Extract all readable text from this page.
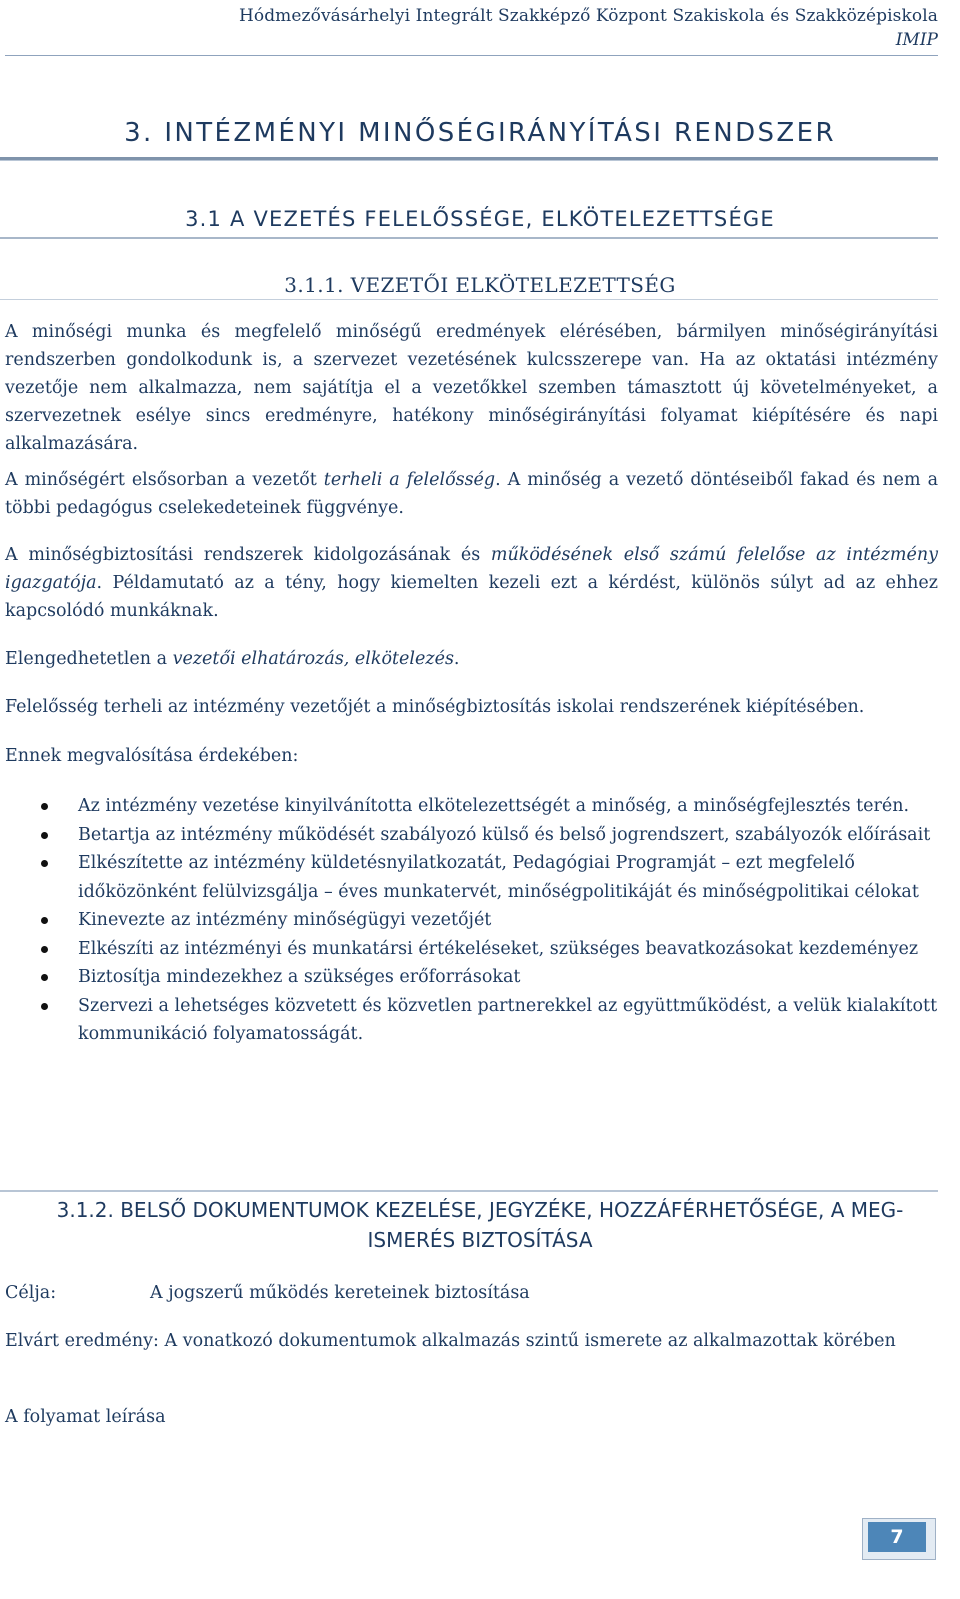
Hódmezővásárhelyi Integrált Szakképző Központ Szakiskola és Szakközépiskola
IMIP
3. INTÉZMÉNYI MINŐSÉGIRÁNYÍTÁSI RENDSZER
3.1 A VEZETÉS FELELŐSSÉGE, ELKÖTELEZETTSÉGE
3.1.1. VEZETŐI ELKÖTELEZETTSÉG

A minőségi munka és megfelelő minőségű eredmények elérésében, bármilyen minőségirányítási rendszerben gondolkodunk is, a szervezet vezetésének kulcsszerepe van. Ha az oktatási intézmény vezetője nem alkalmazza, nem sajátítja el a vezetőkkel szemben támasztott új követelményeket, a szervezetnek esélye sincs eredményre, hatékony minőségirányítási folyamat kiépítésére és napi alkalmazására.

A minőségért elsősorban a vezetőt terheli a felelősség. A minőség a vezető döntéseiből fakad és nem a többi pedagógus cselekedeteinek függvénye.

A minőségbiztosítási rendszerek kidolgozásának és működésének első számú felelőse az intézmény igazgatója. Példamutató az a tény, hogy kiemelten kezeli ezt a kérdést, különös súlyt ad az ehhez kapcsolódó munkáknak.

Elengedhetetlen a vezetői elhatározás, elkötelezés.

Felelősség terheli az intézmény vezetőjét a minőségbiztosítás iskolai rendszerének kiépítésében.

Ennek megvalósítása érdekében:

Az intézmény vezetése kinyilvánította elkötelezettségét a minőség, a minőségfejlesztés terén.
Betartja az intézmény működését szabályozó külső és belső jogrendszert, szabályozók előírásait
Elkészítette az intézmény küldetésnyilatkozatát, Pedagógiai Programját – ezt megfelelő időközönként felülvizsgálja – éves munkatervét, minőségpolitikáját és minőségpolitikai célokat
Kinevezte az intézmény minőségügyi vezetőjét
Elkészíti az intézményi és munkatársi értékeléseket, szükséges beavatkozásokat kezdeményez
Biztosítja mindezekhez a szükséges erőforrásokat
Szervezi a lehetséges közvetett és közvetlen partnerekkel az együttműködést, a velük kialakított kommunikáció folyamatosságát.
3.1.2. BELSŐ DOKUMENTUMOK KEZELÉSE, JEGYZÉKE, HOZZÁFÉRHETŐSÉGE, A MEG-
ISMERÉS BIZTOSÍTÁSA
Célja:	A jogszerű működés kereteinek biztosítása
Elvárt eredmény: A vonatkozó dokumentumok alkalmazás szintű ismerete az alkalmazottak körében
A folyamat leírása
7
